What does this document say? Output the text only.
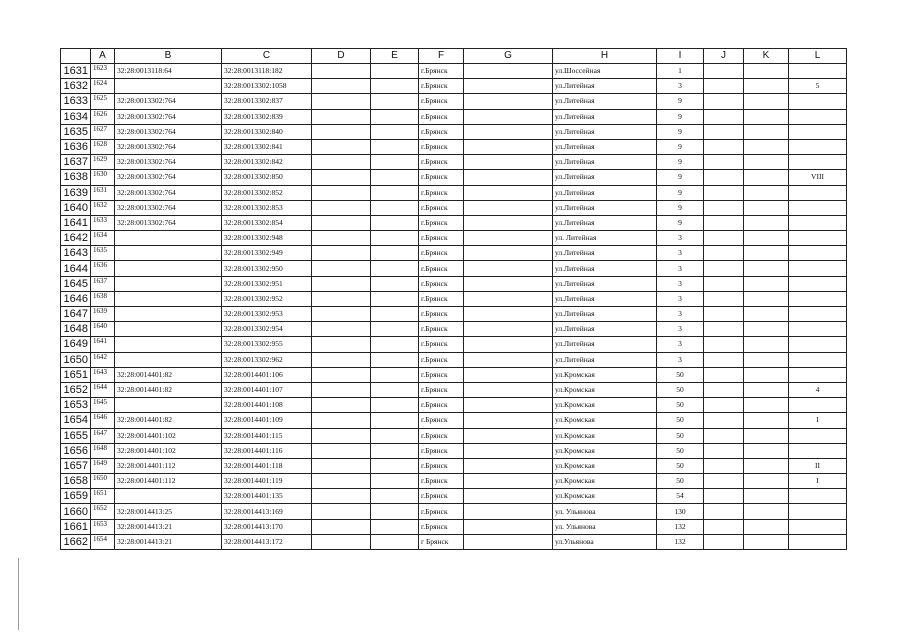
	A	B	C	D	E	F	G	H	I	J	K	L
1631	1623	32:28:0013118:64	32:28:0013118:182			г.Брянск		ул.Шоссейная	1			
1632	1624		32:28:0013302:1058			г.Брянск		ул.Литейная	3			5
1633	1625	32:28:0013302:764	32:28:0013302:837			г.Брянск		ул.Литейная	9			
1634	1626	32:28:0013302:764	32:28:0013302:839			г.Брянск		ул.Литейная	9			
1635	1627	32:28:0013302:764	32:28:0013302:840			г.Брянск		ул.Литейная	9			
1636	1628	32:28:0013302:764	32:28:0013302:841			г.Брянск		ул.Литейная	9			
1637	1629	32:28:0013302:764	32:28:0013302:842			г.Брянск		ул.Литейная	9			
1638	1630	32:28:0013302:764	32:28:0013302:850			г.Брянск		ул.Литейная	9			VIII
1639	1631	32:28:0013302:764	32:28:0013302:852			г.Брянск		ул.Литейная	9			
1640	1632	32:28:0013302:764	32:28:0013302:853			г.Брянск		ул.Литейная	9			
1641	1633	32:28:0013302:764	32:28:0013302:854			г.Брянск		ул.Литейная	9			
1642	1634		32:28:0013302:948			г.Брянск		ул. Литейная	3			
1643	1635		32:28:0013302:949			г.Брянск		ул.Литейная	3			
1644	1636		32:28:0013302:950			г.Брянск		ул.Литейная	3			
1645	1637		32:28:0013302:951			г.Брянск		ул.Литейная	3			
1646	1638		32:28:0013302:952			г.Брянск		ул.Литейная	3			
1647	1639		32:28:0013302:953			г.Брянск		ул.Литейная	3			
1648	1640		32:28:0013302:954			г.Брянск		ул.Литейная	3			
1649	1641		32:28:0013302:955			г.Брянск		ул.Литейная	3			
1650	1642		32:28:0013302:962			г.Брянск		ул.Литейная	3			
1651	1643	32:28:0014401:82	32:28:0014401:106			г.Брянск		ул.Кромская	50			
1652	1644	32:28:0014401:82	32:28:0014401:107			г.Брянск		ул.Кромская	50			4
1653	1645		32:28:0014401:108			г.Брянск		ул.Кромская	50			
1654	1646	32:28:0014401:82	32:28:0014401:109			г.Брянск		ул.Кромская	50			I
1655	1647	32:28:0014401:102	32:28:0014401:115			г.Брянск		ул.Кромская	50			
1656	1648	32:28:0014401:102	32:28:0014401:116			г.Брянск		ул.Кромская	50			
1657	1649	32:28:0014401:112	32:28:0014401:118			г.Брянск		ул.Кромская	50			II
1658	1650	32:28:0014401:112	32:28:0014401:119			г.Брянск		ул.Кромская	50			I
1659	1651		32:28:0014401:135			г.Брянск		ул.Кромская	54			
1660	1652	32:28:0014413:25	32:28:0014413:169			г.Брянск		ул. Ульянова	130			
1661	1653	32:28:0014413:21	32:28:0014413:170			г.Брянск		ул. Ульянова	132			
1662	1654	32:28:0014413:21	32:28:0014413:172			г Брянск		ул.Ульянова	132			
